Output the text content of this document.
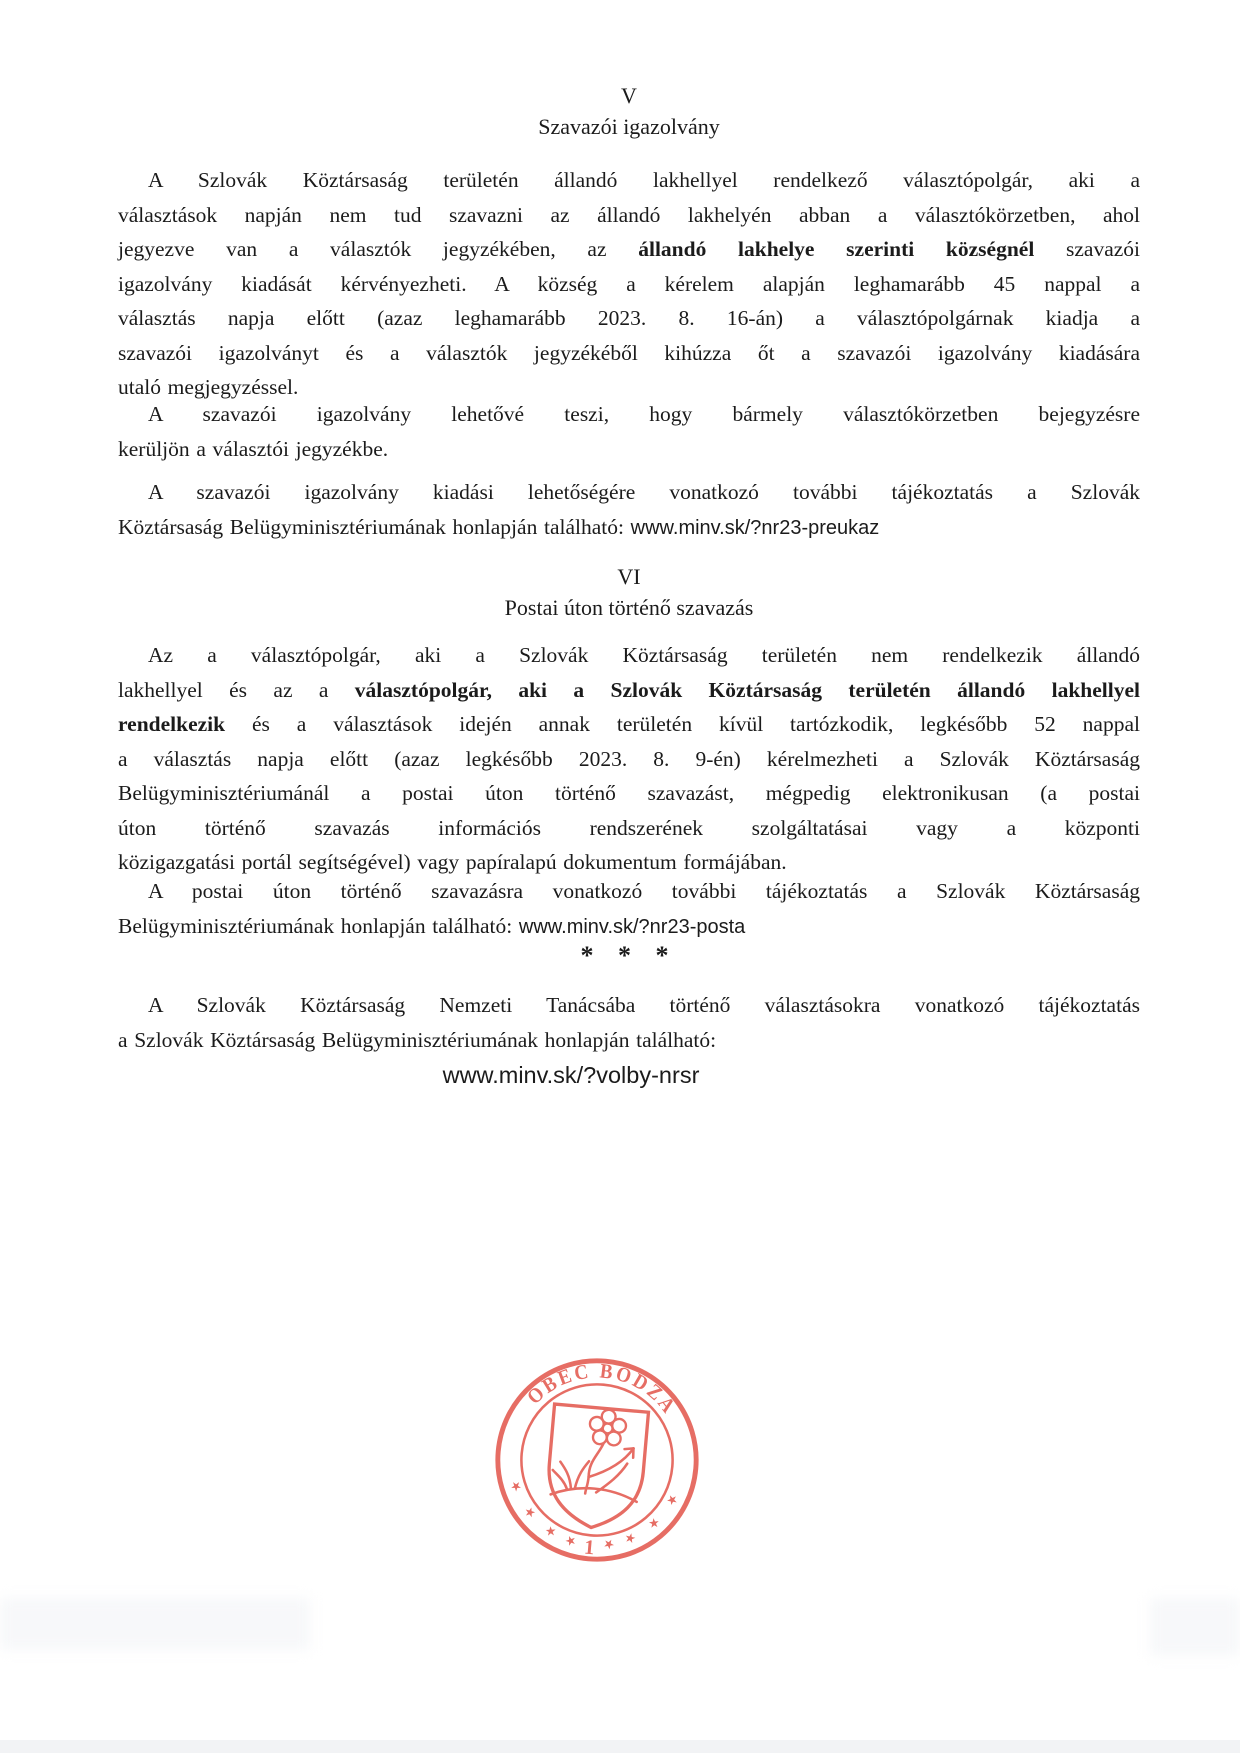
V
Szavazói igazolvány
A Szlovák Köztársaság területén állandó lakhellyel rendelkező választópolgár, aki a
választások napján nem tud szavazni az állandó lakhelyén abban a választókörzetben, ahol
jegyezve van a választók jegyzékében, az állandó lakhelye szerinti községnél szavazói
igazolvány kiadását kérvényezheti. A község a kérelem alapján leghamarább 45 nappal a
választás napja előtt (azaz leghamarább 2023. 8. 16-án) a választópolgárnak kiadja a
szavazói igazolványt és a választók jegyzékéből kihúzza őt a szavazói igazolvány kiadására
utaló megjegyzéssel.
A szavazói igazolvány lehetővé teszi, hogy bármely választókörzetben bejegyzésre
kerüljön a választói jegyzékbe.
A szavazói igazolvány kiadási lehetőségére vonatkozó további tájékoztatás a Szlovák
Köztársaság Belügyminisztériumának honlapján található: www.minv.sk/?nr23-preukaz
VI
Postai úton történő szavazás
Az a választópolgár, aki a Szlovák Köztársaság területén nem rendelkezik állandó
lakhellyel és az a választópolgár, aki a Szlovák Köztársaság területén állandó lakhellyel
rendelkezik és a választások idején annak területén kívül tartózkodik, legkésőbb 52 nappal
a választás napja előtt (azaz legkésőbb 2023. 8. 9-én) kérelmezheti a Szlovák Köztársaság
Belügyminisztériumánál a postai úton történő szavazást, mégpedig elektronikusan (a postai
úton történő szavazás információs rendszerének szolgáltatásai vagy a központi
közigazgatási portál segítségével) vagy papíralapú dokumentum formájában.
A postai úton történő szavazásra vonatkozó további tájékoztatás a Szlovák Köztársaság
Belügyminisztériumának honlapján található: www.minv.sk/?nr23-posta
* * *
A Szlovák Köztársaság Nemzeti Tanácsába történő választásokra vonatkozó tájékoztatás
a Szlovák Köztársaság Belügyminisztériumának honlapján található:
www.minv.sk/?volby-nrsr
OBEC BÓDZA
★
★
★
★
★
★
★
★ 1
